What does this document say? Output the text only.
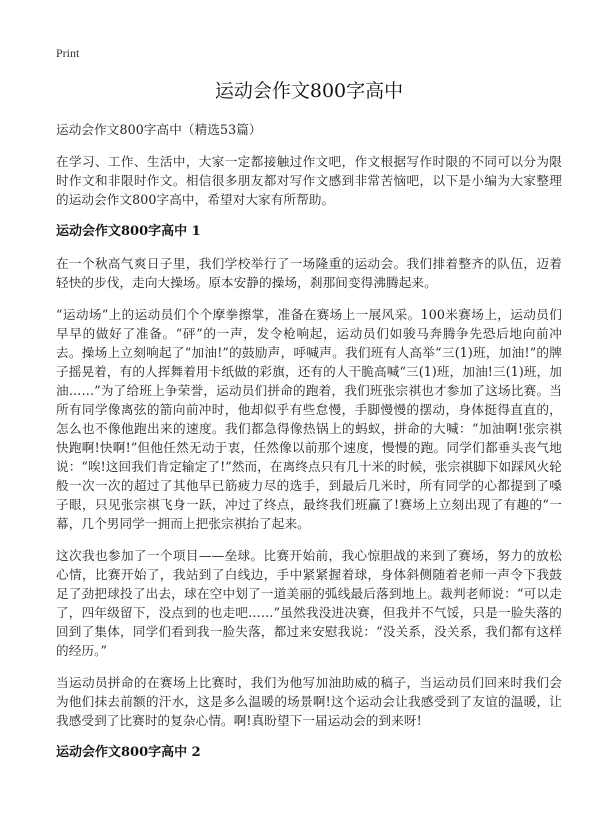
Print
运动会作文800字高中

运动会作文800字高中（精选53篇）

在学习、工作、生活中，大家一定都接触过作文吧，作文根据写作时限的不同可以分为限时作文和非限时作文。相信很多朋友都对写作文感到非常苦恼吧，以下是小编为大家整理的运动会作文800字高中，希望对大家有所帮助。

运动会作文800字高中 1

在一个秋高气爽日子里，我们学校举行了一场隆重的运动会。我们排着整齐的队伍，迈着轻快的步伐，走向大操场。原本安静的操场，刹那间变得沸腾起来。

“运动场”上的运动员们个个摩拳擦掌，准备在赛场上一展风采。100米赛场上，运动员们早早的做好了准备。“砰”的一声，发令枪响起，运动员们如骏马奔腾争先恐后地向前冲去。操场上立刻响起了“加油!”的鼓励声，呼喊声。我们班有人高举“三(1)班，加油!”的牌子摇晃着，有的人挥舞着用卡纸做的彩旗，还有的人干脆高喊“三(1)班，加油!三(1)班，加油……”为了给班上争荣誉，运动员们拼命的跑着，我们班张宗祺也才参加了这场比赛。当所有同学像离弦的箭向前冲时，他却似乎有些怠慢，手脚慢慢的摆动，身体挺得直直的，怎么也不像他跑出来的速度。我们都急得像热锅上的蚂蚁，拼命的大喊：“加油啊!张宗祺快跑啊!快啊!”但他任然无动于衷，任然像以前那个速度，慢慢的跑。同学们都垂头丧气地说：“唉!这回我们肯定输定了!”然而，在离终点只有几十米的时候，张宗祺脚下如踩风火轮般一次一次的超过了其他早已筋疲力尽的选手，到最后几米时，所有同学的心都提到了嗓子眼，只见张宗祺飞身一跃，冲过了终点，最终我们班赢了!赛场上立刻出现了有趣的“一幕，几个男同学一拥而上把张宗祺抬了起来。

这次我也参加了一个项目——垒球。比赛开始前，我心惊胆战的来到了赛场，努力的放松心情，比赛开始了，我站到了白线边，手中紧紧握着球，身体斜侧随着老师一声令下我鼓足了劲把球投了出去，球在空中划了一道美丽的弧线最后落到地上。裁判老师说：“可以走了，四年级留下，没点到的也走吧……”虽然我没进决赛，但我并不气馁，只是一脸失落的回到了集体，同学们看到我一脸失落，都过来安慰我说：“没关系，没关系，我们都有这样的经历。”

当运动员拼命的在赛场上比赛时，我们为他写加油助威的稿子，当运动员们回来时我们会为他们抹去前额的汗水，这是多么温暖的场景啊!这个运动会让我感受到了友谊的温暖，让我感受到了比赛时的复杂心情。啊!真盼望下一届运动会的到来呀!

运动会作文800字高中 2
